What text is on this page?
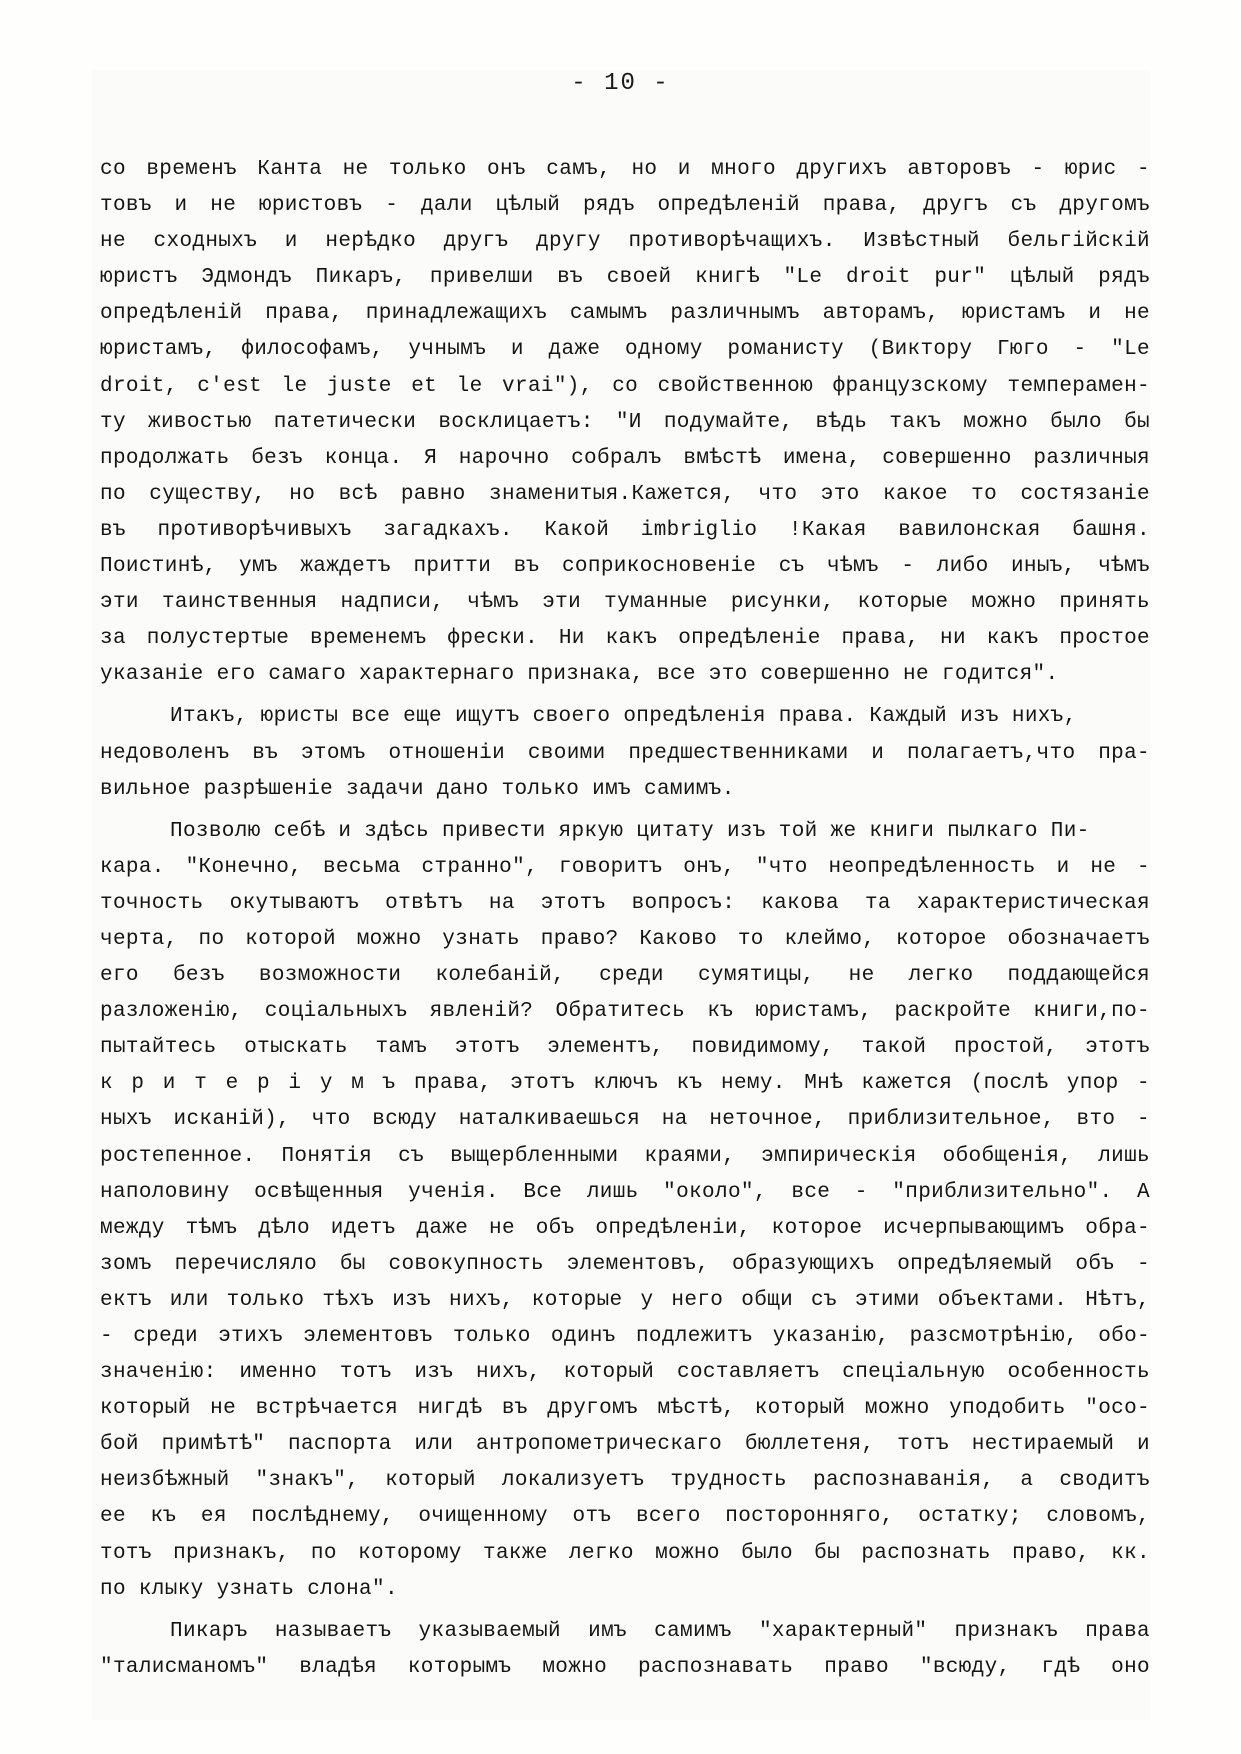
- 10 -
со временъ Канта не только онъ самъ, но и много другихъ авторовъ - юрис -
товъ и не юристовъ - дали цѣлый рядъ опредѣленій права, другъ съ другомъ
не сходныхъ и нерѣдко другъ другу противорѣчащихъ. Извѣстный бельгійскій
юристъ Эдмондъ Пикаръ, привелши въ своей книгѣ "Le droit pur" цѣлый рядъ
опредѣленій права, принадлежащихъ самымъ различнымъ авторамъ, юристамъ и не
юристамъ, философамъ, учнымъ и даже одному романисту (Виктору Гюго - "Le
droit, c'est le juste et le vrai"), со свойственною французскому темперамен-
ту живостью патетически восклицаетъ: "И подумайте, вѣдь такъ можно было бы
продолжать безъ конца. Я нарочно собралъ вмѣстѣ имена, совершенно различныя
по существу, но всѣ равно знаменитыя.Кажется, что это какое то состязаніе
въ противорѣчивыхъ загадкахъ. Какой imbriglio !Какая вавилонская башня.
Поистинѣ, умъ жаждетъ притти въ соприкосновеніе съ чѣмъ - либо иныъ, чѣмъ
эти таинственныя надписи, чѣмъ эти туманные рисунки, которые можно принять
за полустертые временемъ фрески. Ни какъ опредѣленіе права, ни какъ простое
указаніе его самаго характернаго признака, все это совершенно не годится".
Итакъ, юристы все еще ищутъ своего опредѣленія права. Каждый изъ нихъ,
недоволенъ въ этомъ отношеніи своими предшественниками и полагаетъ,что пра-
вильное разрѣшеніе задачи дано только имъ самимъ.
Позволю себѣ и здѣсь привести яркую цитату изъ той же книги пылкаго Пи-
кара. "Конечно, весьма странно", говоритъ онъ, "что неопредѣленность и не -
точность окутываютъ отвѣтъ на этотъ вопросъ: какова та характеристическая
черта, по которой можно узнать право? Каково то клеймо, которое обозначаетъ
его безъ возможности колебаній, среди сумятицы, не легко поддающейся
разложенію, соціальныхъ явленій? Обратитесь къ юристамъ, раскройте книги,по-
пытайтесь отыскать тамъ этотъ элементъ, повидимому, такой простой, этотъ
к р и т е р і у м ъ права, этотъ ключъ къ нему. Мнѣ кажется (послѣ упор -
ныхъ исканій), что всюду наталкиваешься на неточное, приблизительное, вто -
ростепенное. Понятія съ выщербленными краями, эмпирическія обобщенія, лишь
наполовину освѣщенныя ученія. Все лишь "около", все - "приблизительно". А
между тѣмъ дѣло идетъ даже не объ опредѣленіи, которое исчерпывающимъ обра-
зомъ перечисляло бы совокупность элементовъ, образующихъ опредѣляемый объ -
ектъ или только тѣхъ изъ нихъ, которые у него общи съ этими объектами. Нѣтъ,
- среди этихъ элементовъ только одинъ подлежитъ указанію, разсмотрѣнію, обо-
значенію: именно тотъ изъ нихъ, который составляетъ спеціальную особенность
который не встрѣчается нигдѣ въ другомъ мѣстѣ, который можно уподобить "осо-
бой примѣтѣ" паспорта или антропометрическаго бюллетеня, тотъ нестираемый и
неизбѣжный "знакъ", который локализуетъ трудность распознаванія, а сводитъ
ее къ ея послѣднему, очищенному отъ всего посторонняго, остатку; словомъ,
тотъ признакъ, по которому также легко можно было бы распознать право, кк.
по клыку узнать слона".
Пикаръ называетъ указываемый имъ самимъ "характерный" признакъ права
"талисманомъ" владѣя которымъ можно распознавать право "всюду, гдѣ оно
